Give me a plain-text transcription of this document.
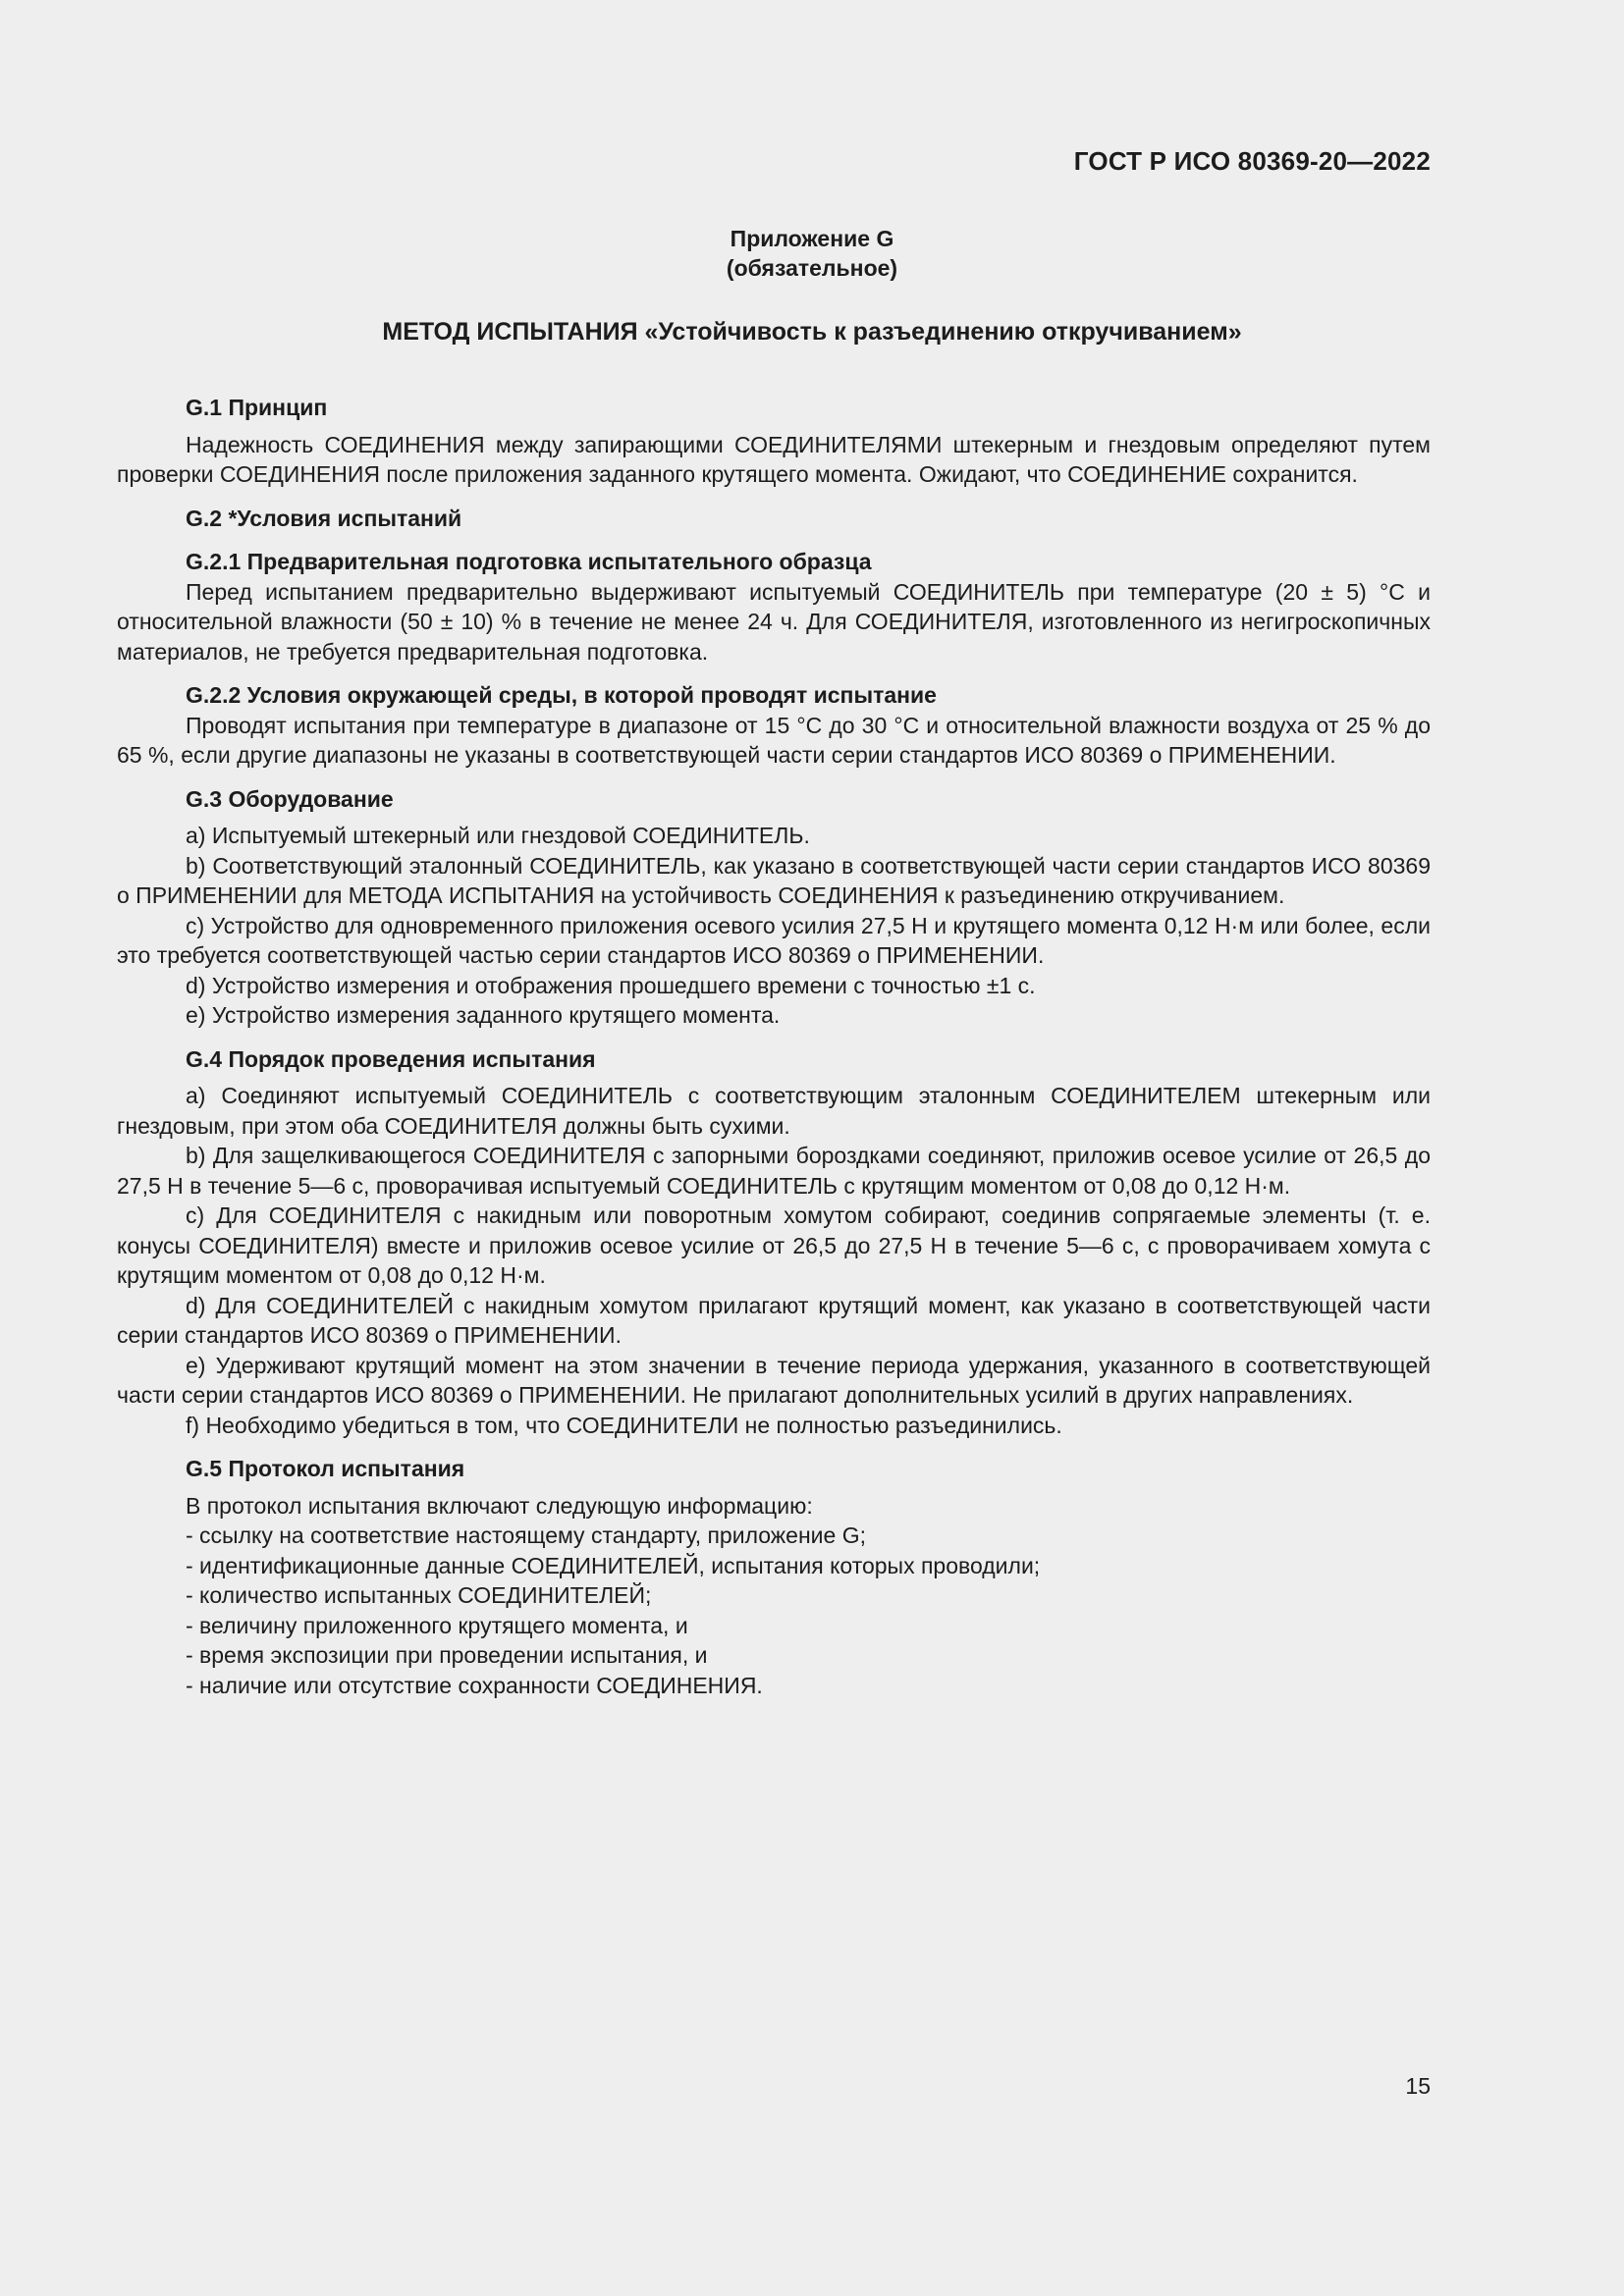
ГОСТ Р ИСО 80369-20—2022
Приложение G
(обязательное)
МЕТОД ИСПЫТАНИЯ «Устойчивость к разъединению откручиванием»
G.1 Принцип
Надежность СОЕДИНЕНИЯ между запирающими СОЕДИНИТЕЛЯМИ штекерным и гнездовым определяют путем проверки СОЕДИНЕНИЯ после приложения заданного крутящего момента. Ожидают, что СОЕДИНЕНИЕ сохранится.
G.2 *Условия испытаний
G.2.1 Предварительная подготовка испытательного образца
Перед испытанием предварительно выдерживают испытуемый СОЕДИНИТЕЛЬ при температуре (20 ± 5) °С и относительной влажности (50 ± 10) % в течение не менее 24 ч. Для СОЕДИНИТЕЛЯ, изготовленного из негигроскопичных материалов, не требуется предварительная подготовка.
G.2.2 Условия окружающей среды, в которой проводят испытание
Проводят испытания при температуре в диапазоне от 15 °С до 30 °С и относительной влажности воздуха от 25 % до 65 %, если другие диапазоны не указаны в соответствующей части серии стандартов ИСО 80369 о ПРИМЕНЕНИИ.
G.3 Оборудование
a) Испытуемый штекерный или гнездовой СОЕДИНИТЕЛЬ.
b) Соответствующий эталонный СОЕДИНИТЕЛЬ, как указано в соответствующей части серии стандартов ИСО 80369 о ПРИМЕНЕНИИ для МЕТОДА ИСПЫТАНИЯ на устойчивость СОЕДИНЕНИЯ к разъединению откручиванием.
c) Устройство для одновременного приложения осевого усилия 27,5 Н и крутящего момента 0,12 Н·м или более, если это требуется соответствующей частью серии стандартов ИСО 80369 о ПРИМЕНЕНИИ.
d) Устройство измерения и отображения прошедшего времени с точностью ±1 с.
e) Устройство измерения заданного крутящего момента.
G.4 Порядок проведения испытания
a) Соединяют испытуемый СОЕДИНИТЕЛЬ с соответствующим эталонным СОЕДИНИТЕЛЕМ штекерным или гнездовым, при этом оба СОЕДИНИТЕЛЯ должны быть сухими.
b) Для защелкивающегося СОЕДИНИТЕЛЯ с запорными бороздками соединяют, приложив осевое усилие от 26,5 до 27,5 Н в течение 5—6 с, проворачивая испытуемый СОЕДИНИТЕЛЬ с крутящим моментом от 0,08 до 0,12 Н·м.
c) Для СОЕДИНИТЕЛЯ с накидным или поворотным хомутом собирают, соединив сопрягаемые элементы (т. е. конусы СОЕДИНИТЕЛЯ) вместе и приложив осевое усилие от 26,5 до 27,5 Н в течение 5—6 с, с проворачиваем хомута с крутящим моментом от 0,08 до 0,12 Н·м.
d) Для СОЕДИНИТЕЛЕЙ с накидным хомутом прилагают крутящий момент, как указано в соответствующей части серии стандартов ИСО 80369 о ПРИМЕНЕНИИ.
e) Удерживают крутящий момент на этом значении в течение периода удержания, указанного в соответствующей части серии стандартов ИСО 80369 о ПРИМЕНЕНИИ. Не прилагают дополнительных усилий в других направлениях.
f) Необходимо убедиться в том, что СОЕДИНИТЕЛИ не полностью разъединились.
G.5 Протокол испытания
В протокол испытания включают следующую информацию:
- ссылку на соответствие настоящему стандарту, приложение G;
- идентификационные данные СОЕДИНИТЕЛЕЙ, испытания которых проводили;
- количество испытанных СОЕДИНИТЕЛЕЙ;
- величину приложенного крутящего момента, и
- время экспозиции при проведении испытания, и
- наличие или отсутствие сохранности СОЕДИНЕНИЯ.
15
